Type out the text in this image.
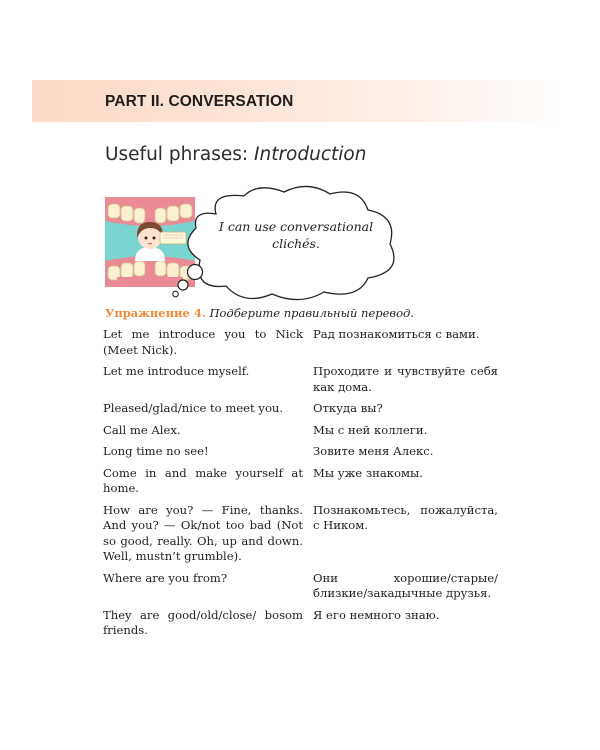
PART II. CONVERSATION
Useful phrases: Introduction

I can use conversational clichés.

Упражнение 4. Подберите правильный перевод.

Let me introduce you to Nick (Meet Nick).	Рад познакомиться с вами.
Let me introduce myself.	Проходите и чувствуйте себя как дома.
Pleased/glad/nice to meet you.	Откуда вы?
Call me Alex.	Мы с ней коллеги.
Long time no see!	Зовите меня Алекс.
Come in and make yourself at home.	Мы уже знакомы.
How are you? — Fine, thanks. And you? — Ok/not too bad (Not so good, really. Oh, up and down. Well, mustn’t grumble).	Познакомьтесь, пожалуйста, с Ником.
Where are you from?	Они хорошие/старые/ близкие/закадычные друзья.
They are good/old/close/ bosom friends.	Я его немного знаю.
